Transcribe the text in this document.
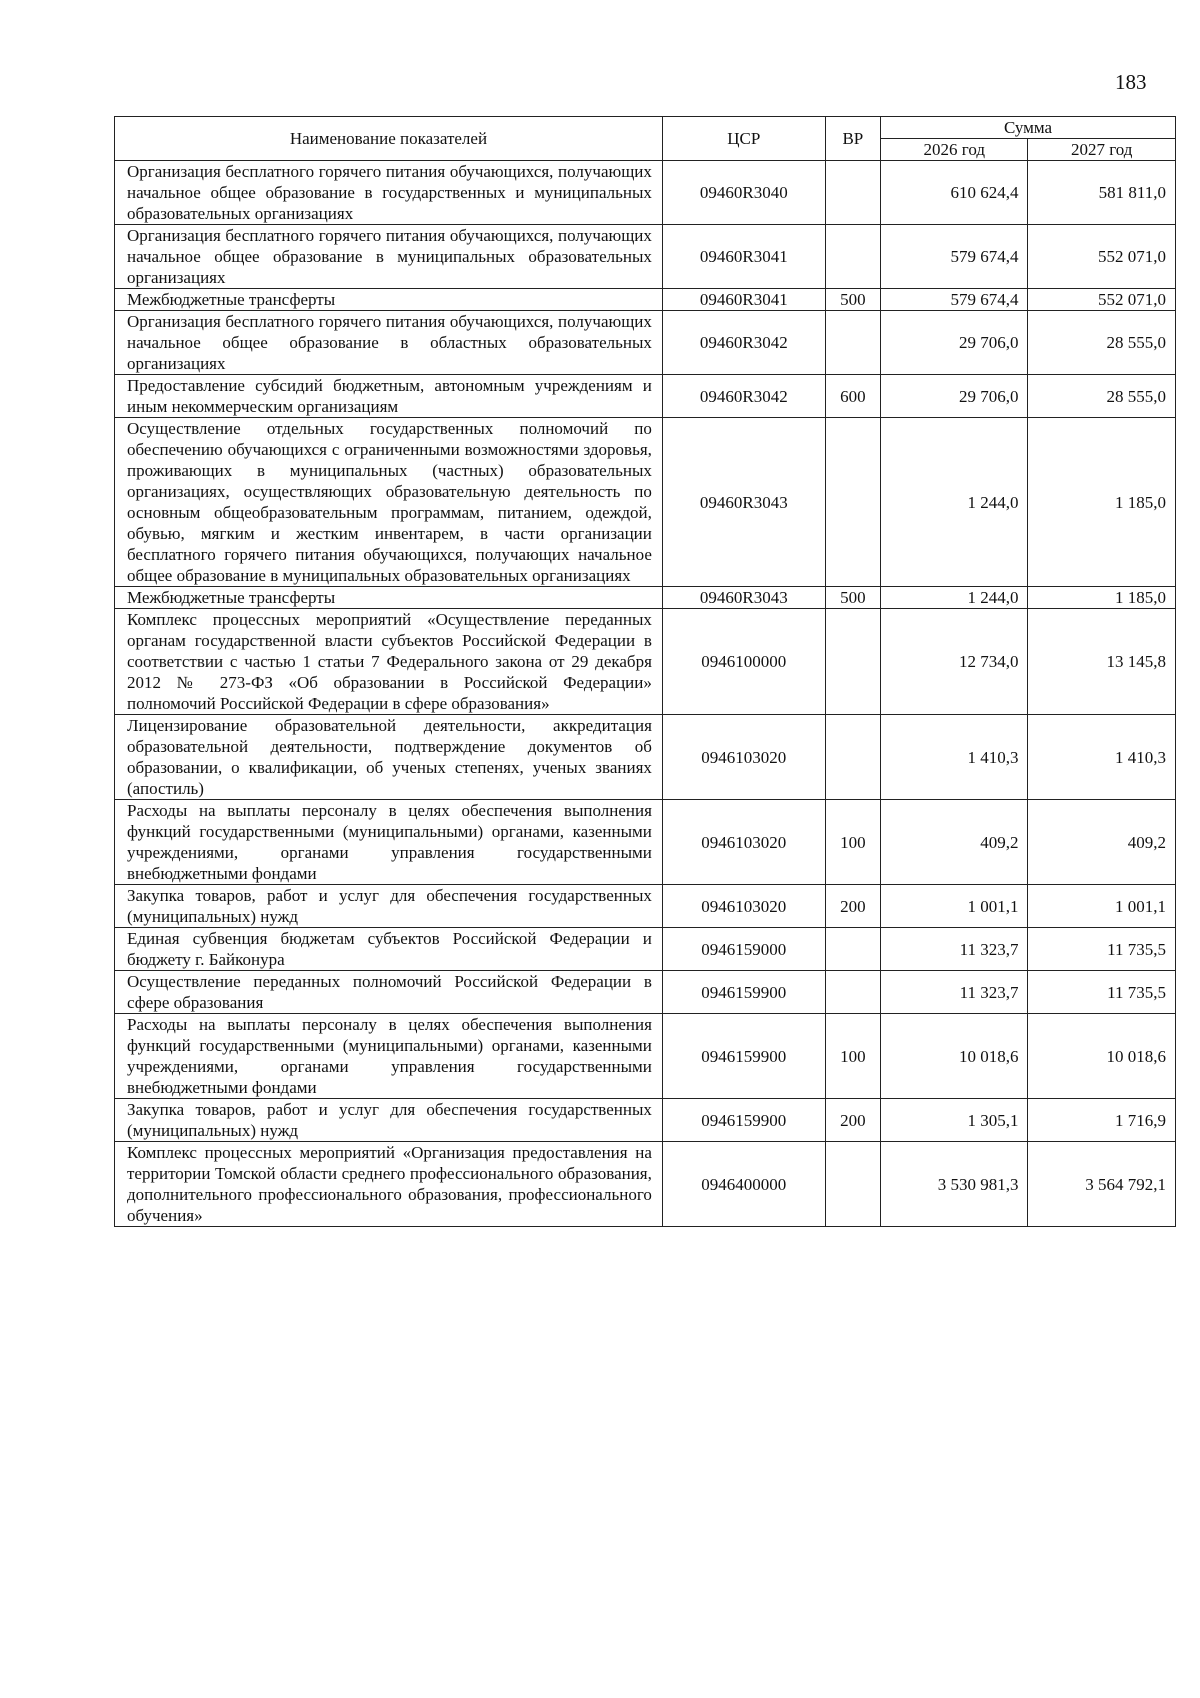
183
Наименование показателей	ЦСР	ВР	Сумма	
			2026 год	2027 год
Организация бесплатного горячего питания обучающихся, получающих начальное общее образование в государственных и муниципальных образовательных организациях	09460R3040		610 624,4	581 811,0
Организация бесплатного горячего питания обучающихся, получающих начальное общее образование в муниципальных образовательных организациях	09460R3041		579 674,4	552 071,0
Межбюджетные трансферты	09460R3041	500	579 674,4	552 071,0
Организация бесплатного горячего питания обучающихся, получающих начальное общее образование в областных образовательных организациях	09460R3042		29 706,0	28 555,0
Предоставление субсидий бюджетным, автономным учреждениям и иным некоммерческим организациям	09460R3042	600	29 706,0	28 555,0
Осуществление отдельных государственных полномочий по обеспечению обучающихся с ограниченными возможностями здоровья, проживающих в муниципальных (частных) образовательных организациях, осуществляющих образовательную деятельность по основным общеобразовательным программам, питанием, одеждой, обувью, мягким и жестким инвентарем, в части организации бесплатного горячего питания обучающихся, получающих начальное общее образование в муниципальных образовательных организациях	09460R3043		1 244,0	1 185,0
Межбюджетные трансферты	09460R3043	500	1 244,0	1 185,0
Комплекс процессных мероприятий «Осуществление переданных органам государственной власти субъектов Российской Федерации в соответствии с частью 1 статьи 7 Федерального закона от 29 декабря 2012 № 273-ФЗ «Об образовании в Российской Федерации» полномочий Российской Федерации в сфере образования»	0946100000		12 734,0	13 145,8
Лицензирование образовательной деятельности, аккредитация образовательной деятельности, подтверждение документов об образовании, о квалификации, об ученых степенях, ученых званиях (апостиль)	0946103020		1 410,3	1 410,3
Расходы на выплаты персоналу в целях обеспечения выполнения функций государственными (муниципальными) органами, казенными учреждениями, органами управления государственными внебюджетными фондами	0946103020	100	409,2	409,2
Закупка товаров, работ и услуг для обеспечения государственных (муниципальных) нужд	0946103020	200	1 001,1	1 001,1
Единая субвенция бюджетам субъектов Российской Федерации и бюджету г. Байконура	0946159000		11 323,7	11 735,5
Осуществление переданных полномочий Российской Федерации в сфере образования	0946159900		11 323,7	11 735,5
Расходы на выплаты персоналу в целях обеспечения выполнения функций государственными (муниципальными) органами, казенными учреждениями, органами управления государственными внебюджетными фондами	0946159900	100	10 018,6	10 018,6
Закупка товаров, работ и услуг для обеспечения государственных (муниципальных) нужд	0946159900	200	1 305,1	1 716,9
Комплекс процессных мероприятий «Организация предоставления на территории Томской области среднего профессионального образования, дополнительного профессионального образования, профессионального обучения»	0946400000		3 530 981,3	3 564 792,1
